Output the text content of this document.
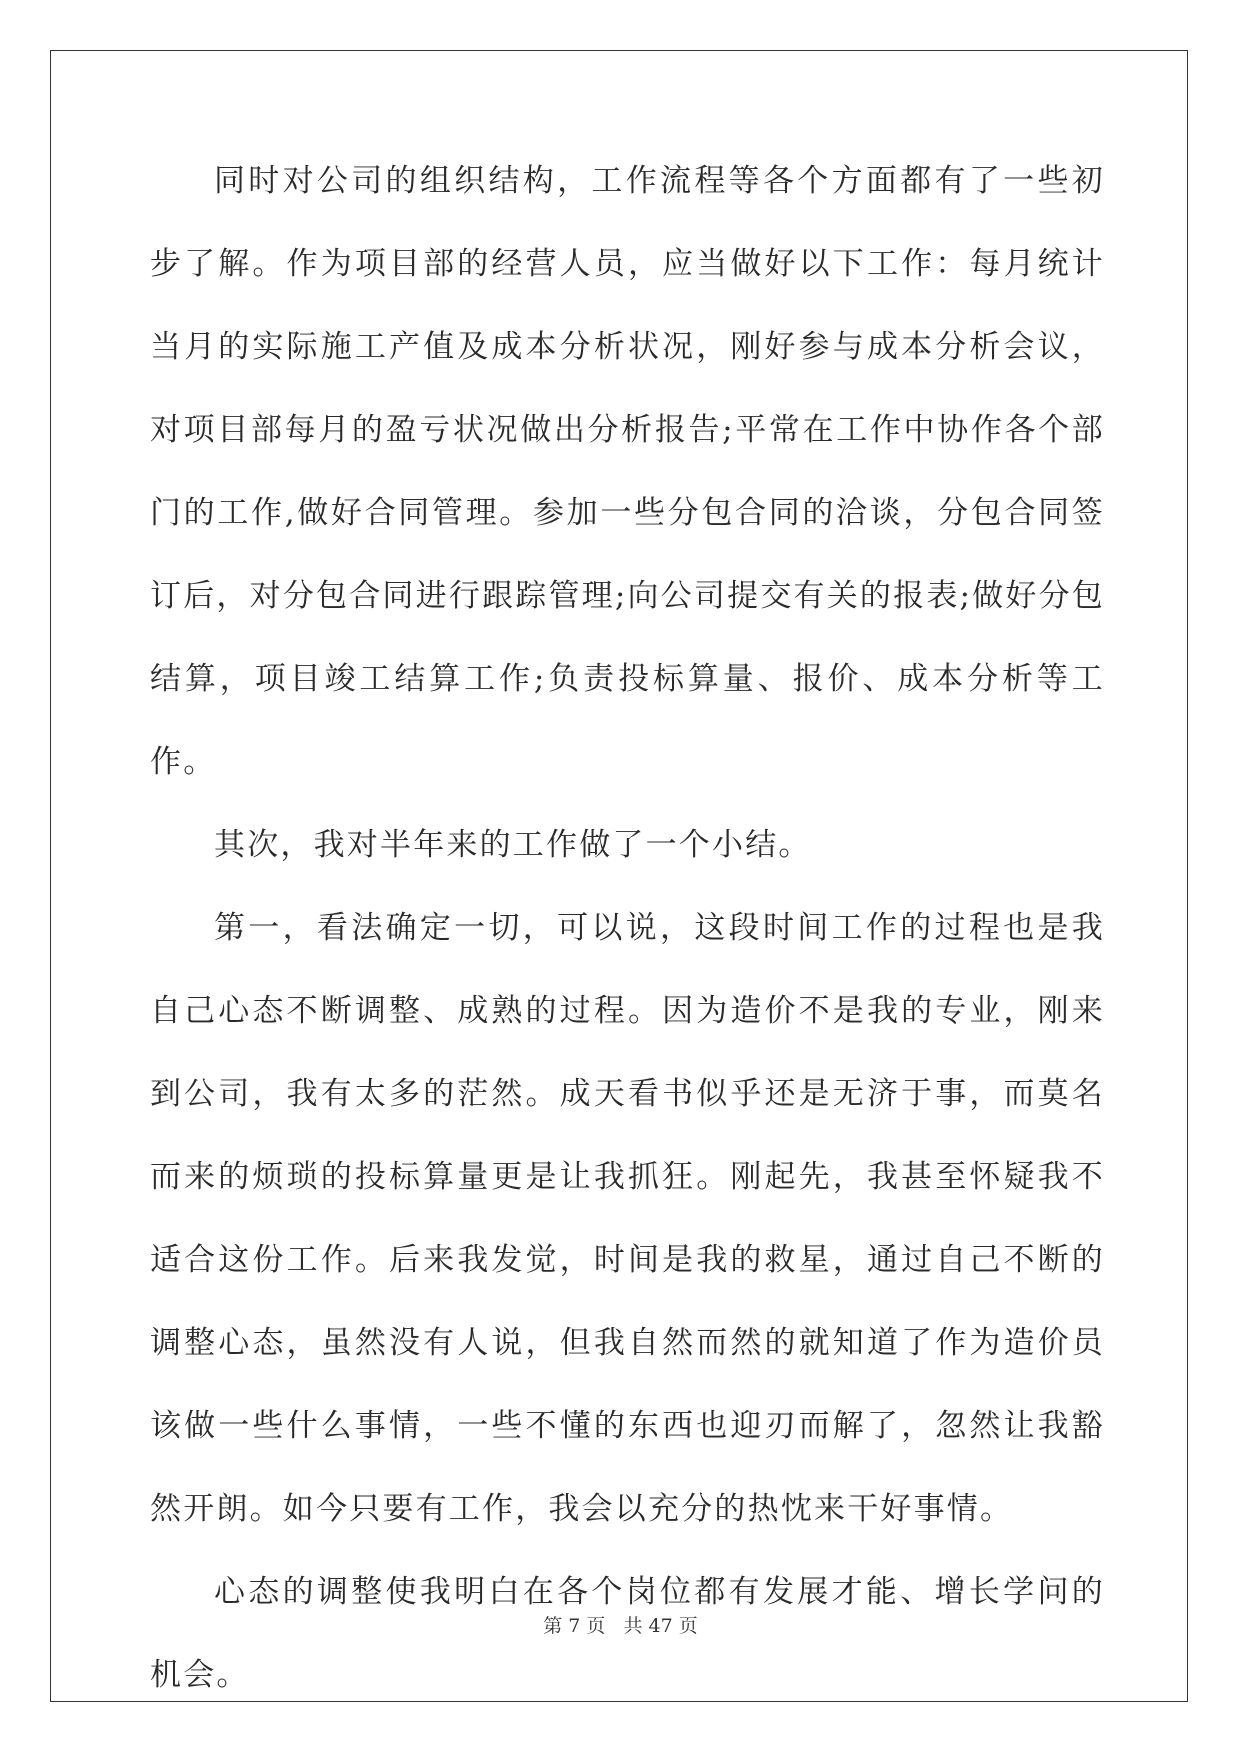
同时对公司的组织结构，工作流程等各个方面都有了一些初步了解。作为项目部的经营人员，应当做好以下工作：每月统计当月的实际施工产值及成本分析状况，刚好参与成本分析会议，对项目部每月的盈亏状况做出分析报告;平常在工作中协作各个部门的工作,做好合同管理。参加一些分包合同的洽谈，分包合同签订后，对分包合同进行跟踪管理;向公司提交有关的报表;做好分包结算，项目竣工结算工作;负责投标算量、报价、成本分析等工作。

其次，我对半年来的工作做了一个小结。

第一，看法确定一切，可以说，这段时间工作的过程也是我自己心态不断调整、成熟的过程。因为造价不是我的专业，刚来到公司，我有太多的茫然。成天看书似乎还是无济于事，而莫名而来的烦琐的投标算量更是让我抓狂。刚起先，我甚至怀疑我不适合这份工作。后来我发觉，时间是我的救星，通过自己不断的调整心态，虽然没有人说，但我自然而然的就知道了作为造价员该做一些什么事情，一些不懂的东西也迎刃而解了，忽然让我豁然开朗。如今只要有工作，我会以充分的热忱来干好事情。

心态的调整使我明白在各个岗位都有发展才能、增长学问的机会。

第 7 页 共 47 页
